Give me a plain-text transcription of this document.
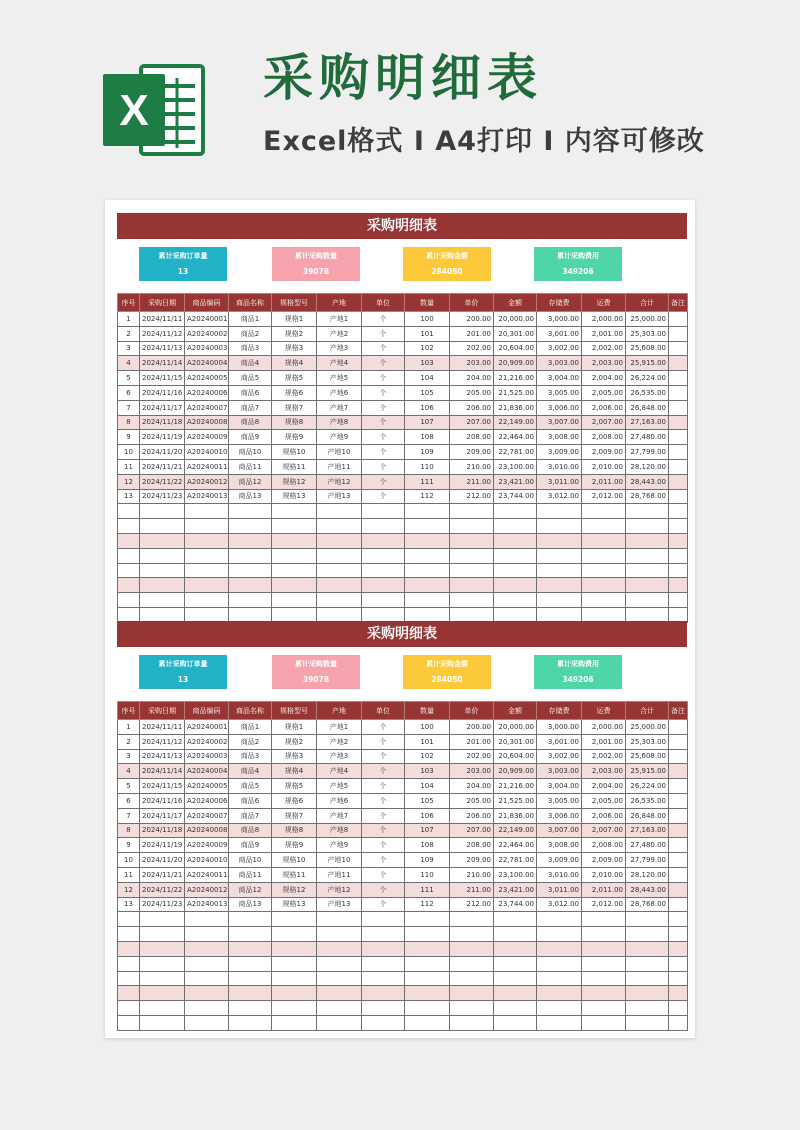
X
采购明细表
Excel格式 I A4打印 I 内容可修改
采购明细表
累计采购订单量
13
累计采购数量
39078
累计采购金额
284050
累计采购费用
349206
序号	采购日期	商品编码	商品名称	规格型号	产地	单位	数量	单价	金额	存储费	运费	合计	备注
1	2024/11/11	A20240001	商品1	规格1	产地1	个	100	200.00	20,000.00	3,000.00	2,000.00	25,000.00	
2	2024/11/12	A20240002	商品2	规格2	产地2	个	101	201.00	20,301.00	3,001.00	2,001.00	25,303.00	
3	2024/11/13	A20240003	商品3	规格3	产地3	个	102	202.00	20,604.00	3,002.00	2,002.00	25,608.00	
4	2024/11/14	A20240004	商品4	规格4	产地4	个	103	203.00	20,909.00	3,003.00	2,003.00	25,915.00	
5	2024/11/15	A20240005	商品5	规格5	产地5	个	104	204.00	21,216.00	3,004.00	2,004.00	26,224.00	
6	2024/11/16	A20240006	商品6	规格6	产地6	个	105	205.00	21,525.00	3,005.00	2,005.00	26,535.00	
7	2024/11/17	A20240007	商品7	规格7	产地7	个	106	206.00	21,836.00	3,006.00	2,006.00	26,848.00	
8	2024/11/18	A20240008	商品8	规格8	产地8	个	107	207.00	22,149.00	3,007.00	2,007.00	27,163.00	
9	2024/11/19	A20240009	商品9	规格9	产地9	个	108	208.00	22,464.00	3,008.00	2,008.00	27,480.00	
10	2024/11/20	A20240010	商品10	规格10	产地10	个	109	209.00	22,781.00	3,009.00	2,009.00	27,799.00	
11	2024/11/21	A20240011	商品11	规格11	产地11	个	110	210.00	23,100.00	3,010.00	2,010.00	28,120.00	
12	2024/11/22	A20240012	商品12	规格12	产地12	个	111	211.00	23,421.00	3,011.00	2,011.00	28,443.00	
13	2024/11/23	A20240013	商品13	规格13	产地13	个	112	212.00	23,744.00	3,012.00	2,012.00	28,768.00	

采购明细表
累计采购订单量
13
累计采购数量
39078
累计采购金额
284050
累计采购费用
349206
序号	采购日期	商品编码	商品名称	规格型号	产地	单位	数量	单价	金额	存储费	运费	合计	备注
1	2024/11/11	A20240001	商品1	规格1	产地1	个	100	200.00	20,000.00	3,000.00	2,000.00	25,000.00	
2	2024/11/12	A20240002	商品2	规格2	产地2	个	101	201.00	20,301.00	3,001.00	2,001.00	25,303.00	
3	2024/11/13	A20240003	商品3	规格3	产地3	个	102	202.00	20,604.00	3,002.00	2,002.00	25,608.00	
4	2024/11/14	A20240004	商品4	规格4	产地4	个	103	203.00	20,909.00	3,003.00	2,003.00	25,915.00	
5	2024/11/15	A20240005	商品5	规格5	产地5	个	104	204.00	21,216.00	3,004.00	2,004.00	26,224.00	
6	2024/11/16	A20240006	商品6	规格6	产地6	个	105	205.00	21,525.00	3,005.00	2,005.00	26,535.00	
7	2024/11/17	A20240007	商品7	规格7	产地7	个	106	206.00	21,836.00	3,006.00	2,006.00	26,848.00	
8	2024/11/18	A20240008	商品8	规格8	产地8	个	107	207.00	22,149.00	3,007.00	2,007.00	27,163.00	
9	2024/11/19	A20240009	商品9	规格9	产地9	个	108	208.00	22,464.00	3,008.00	2,008.00	27,480.00	
10	2024/11/20	A20240010	商品10	规格10	产地10	个	109	209.00	22,781.00	3,009.00	2,009.00	27,799.00	
11	2024/11/21	A20240011	商品11	规格11	产地11	个	110	210.00	23,100.00	3,010.00	2,010.00	28,120.00	
12	2024/11/22	A20240012	商品12	规格12	产地12	个	111	211.00	23,421.00	3,011.00	2,011.00	28,443.00	
13	2024/11/23	A20240013	商品13	规格13	产地13	个	112	212.00	23,744.00	3,012.00	2,012.00	28,768.00	
